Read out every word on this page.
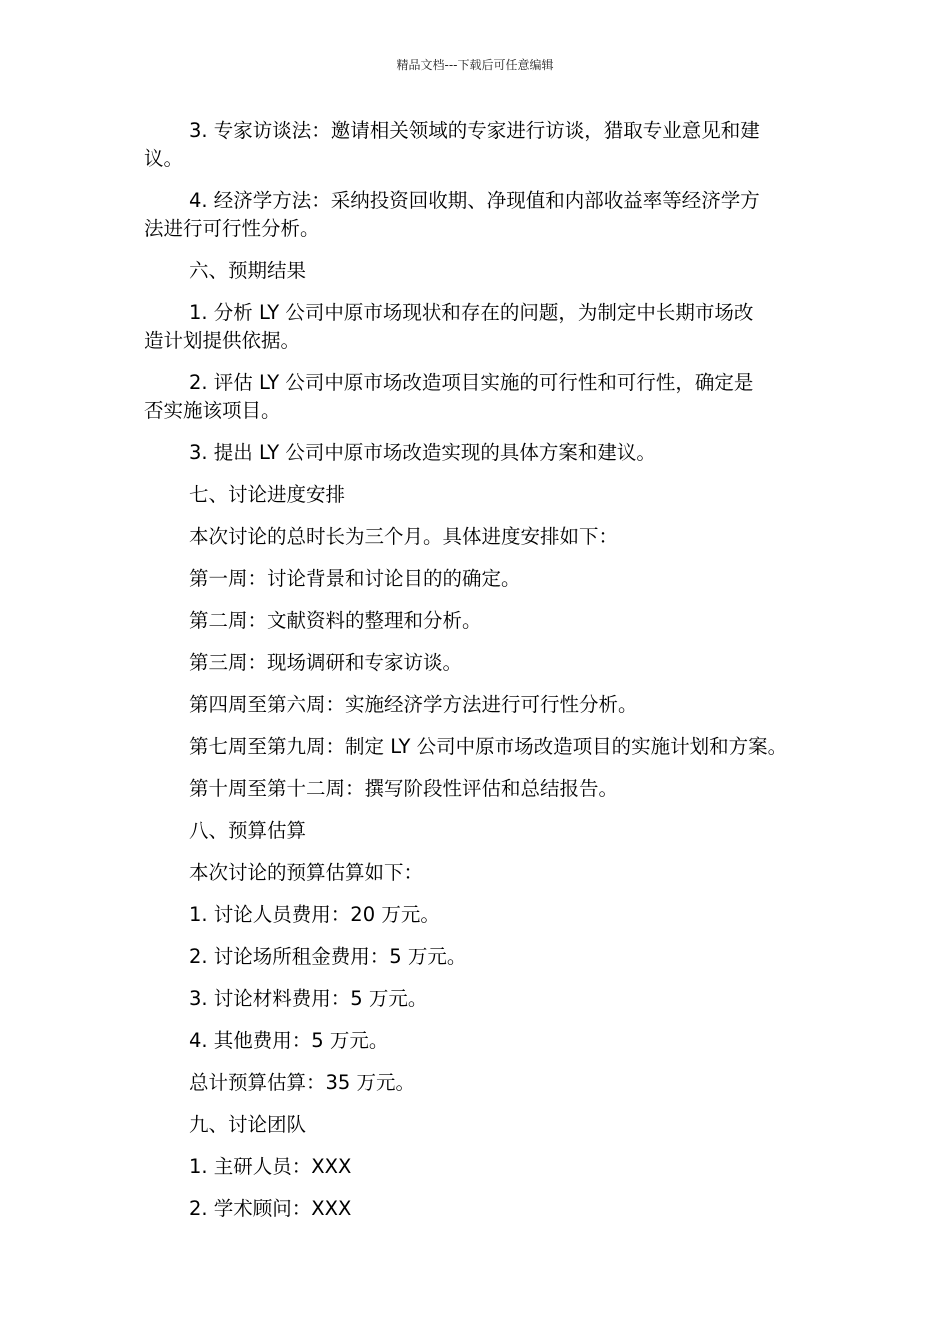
精品文档---下载后可任意编辑

3. 专家访谈法：邀请相关领域的专家进行访谈，猎取专业意见和建
议。

4. 经济学方法：采纳投资回收期、净现值和内部收益率等经济学方
法进行可行性分析。

六、预期结果

1. 分析 LY 公司中原市场现状和存在的问题，为制定中长期市场改
造计划提供依据。

2. 评估 LY 公司中原市场改造项目实施的可行性和可行性，确定是
否实施该项目。

3. 提出 LY 公司中原市场改造实现的具体方案和建议。

七、讨论进度安排

本次讨论的总时长为三个月。具体进度安排如下：

第一周：讨论背景和讨论目的的确定。

第二周：文献资料的整理和分析。

第三周：现场调研和专家访谈。

第四周至第六周：实施经济学方法进行可行性分析。

第七周至第九周：制定 LY 公司中原市场改造项目的实施计划和方案。

第十周至第十二周：撰写阶段性评估和总结报告。

八、预算估算

本次讨论的预算估算如下：

1. 讨论人员费用：20 万元。

2. 讨论场所租金费用：5 万元。

3. 讨论材料费用：5 万元。

4. 其他费用：5 万元。

总计预算估算：35 万元。

九、讨论团队

1. 主研人员：XXX

2. 学术顾问：XXX
